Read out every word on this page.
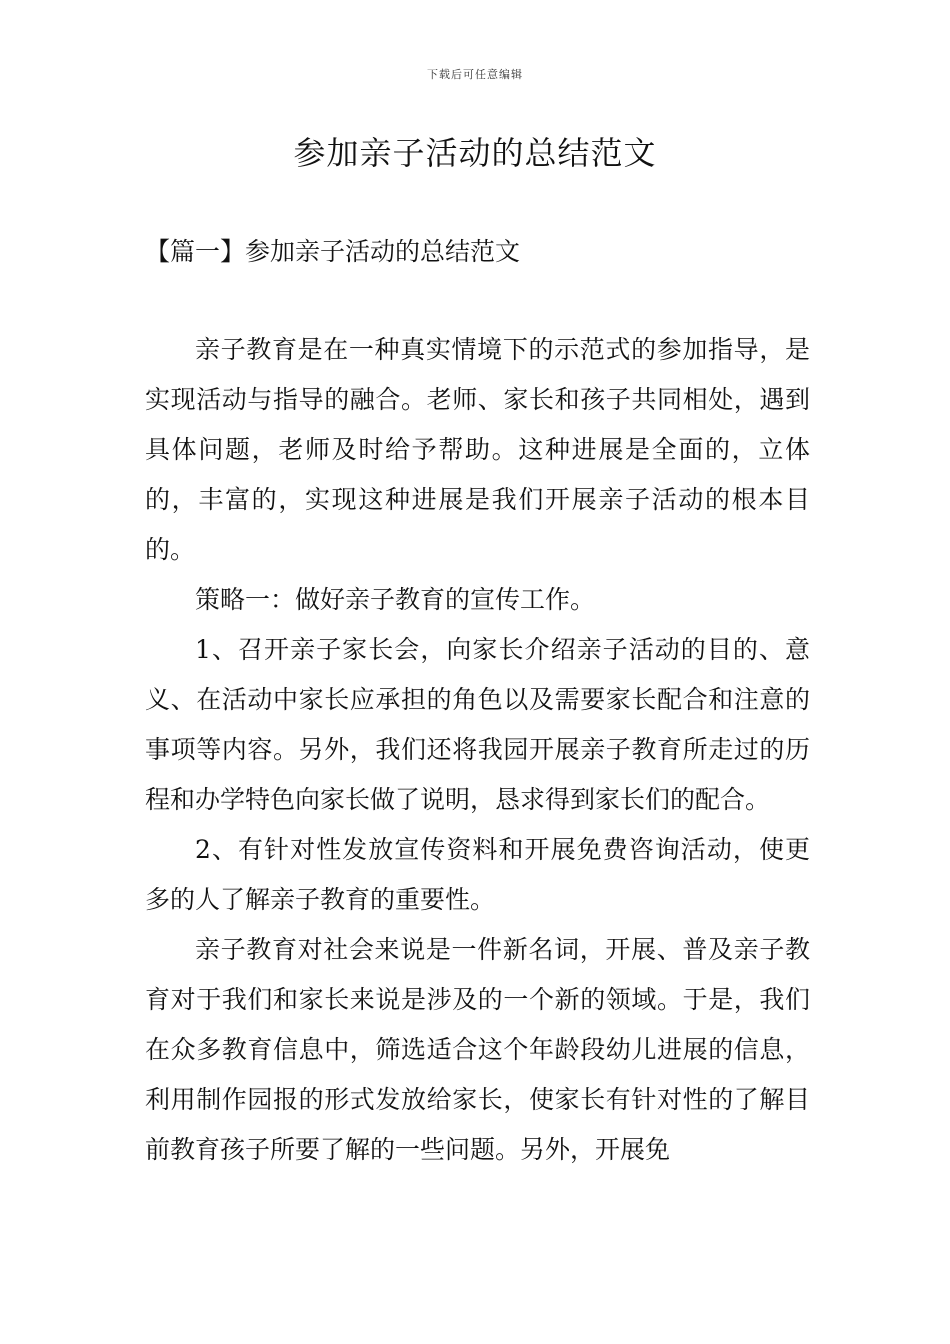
下载后可任意编辑
参加亲子活动的总结范文
【篇一】参加亲子活动的总结范文

亲子教育是在一种真实情境下的示范式的参加指导，是实现活动与指导的融合。老师、家长和孩子共同相处，遇到具体问题，老师及时给予帮助。这种进展是全面的，立体的，丰富的，实现这种进展是我们开展亲子活动的根本目的。

策略一：做好亲子教育的宣传工作。

1、召开亲子家长会，向家长介绍亲子活动的目的、意义、在活动中家长应承担的角色以及需要家长配合和注意的事项等内容。另外，我们还将我园开展亲子教育所走过的历程和办学特色向家长做了说明，恳求得到家长们的配合。

2、有针对性发放宣传资料和开展免费咨询活动，使更多的人了解亲子教育的重要性。

亲子教育对社会来说是一件新名词，开展、普及亲子教育对于我们和家长来说是涉及的一个新的领域。于是，我们在众多教育信息中，筛选适合这个年龄段幼儿进展的信息，利用制作园报的形式发放给家长，使家长有针对性的了解目前教育孩子所要了解的一些问题。另外，开展免
